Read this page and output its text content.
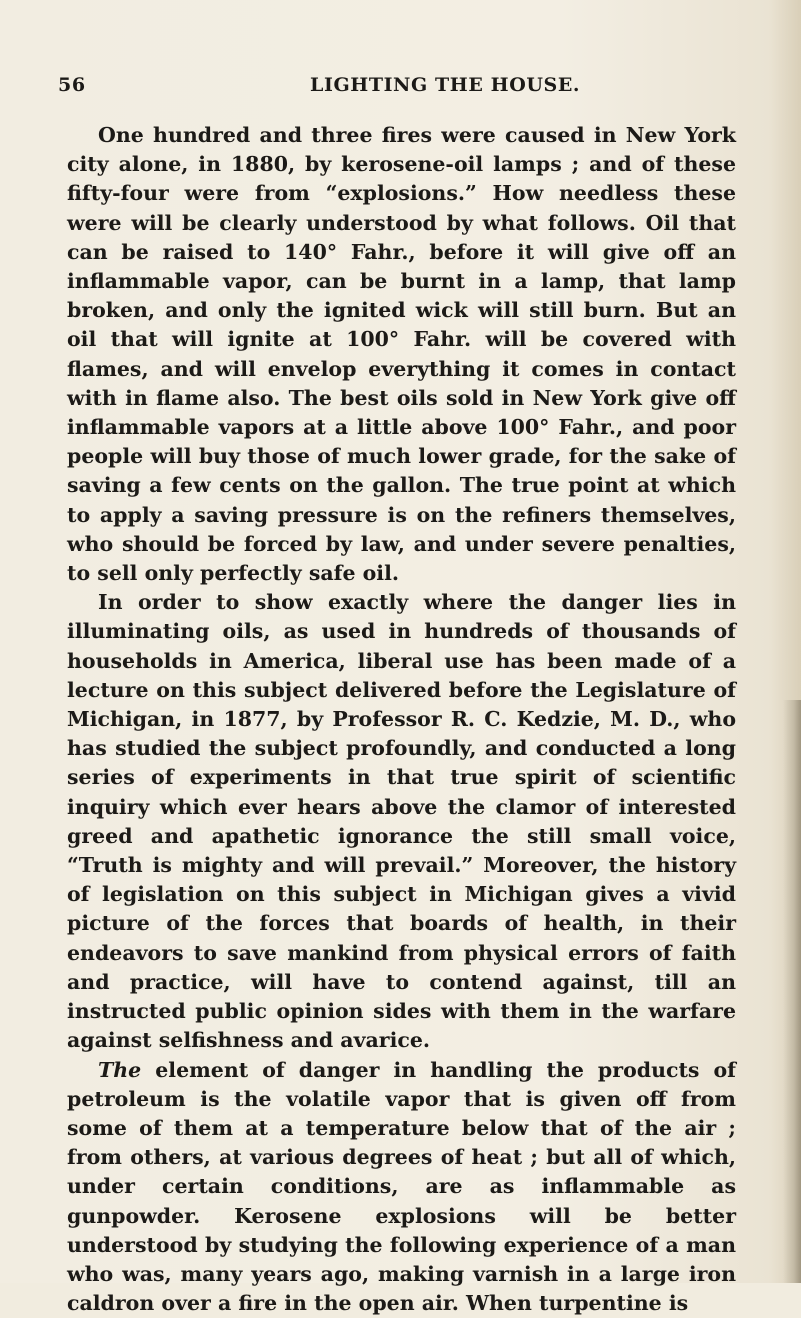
56	LIGHTING THE HOUSE.

One hundred and three fires were caused in New York city alone, in 1880, by kerosene-oil lamps ; and of these fifty-four were from “explosions.” How needless these were will be clearly understood by what follows. Oil that can be raised to 140° Fahr., before it will give off an inflammable vapor, can be burnt in a lamp, that lamp broken, and only the ignited wick will still burn. But an oil that will ignite at 100° Fahr. will be covered with flames, and will envelop everything it comes in contact with in flame also. The best oils sold in New York give off inflammable vapors at a little above 100° Fahr., and poor people will buy those of much lower grade, for the sake of saving a few cents on the gallon. The true point at which to apply a saving pressure is on the refiners themselves, who should be forced by law, and under severe penalties, to sell only perfectly safe oil.

In order to show exactly where the danger lies in illuminating oils, as used in hundreds of thousands of households in America, liberal use has been made of a lecture on this subject delivered before the Legislature of Michigan, in 1877, by Professor R. C. Kedzie, M. D., who has studied the subject profoundly, and conducted a long series of experiments in that true spirit of scientific inquiry which ever hears above the clamor of interested greed and apathetic ignorance the still small voice, “Truth is mighty and will prevail.” Moreover, the history of legislation on this subject in Michigan gives a vivid picture of the forces that boards of health, in their endeavors to save mankind from physical errors of faith and practice, will have to contend against, till an instructed public opinion sides with them in the warfare against selfishness and avarice.

The element of danger in handling the products of petroleum is the volatile vapor that is given off from some of them at a temperature below that of the air ; from others, at various degrees of heat ; but all of which, under certain conditions, are as inflammable as gunpowder. Kerosene explosions will be better understood by studying the following experience of a man who was, many years ago, making varnish in a large iron caldron over a fire in the open air. When turpentine is
